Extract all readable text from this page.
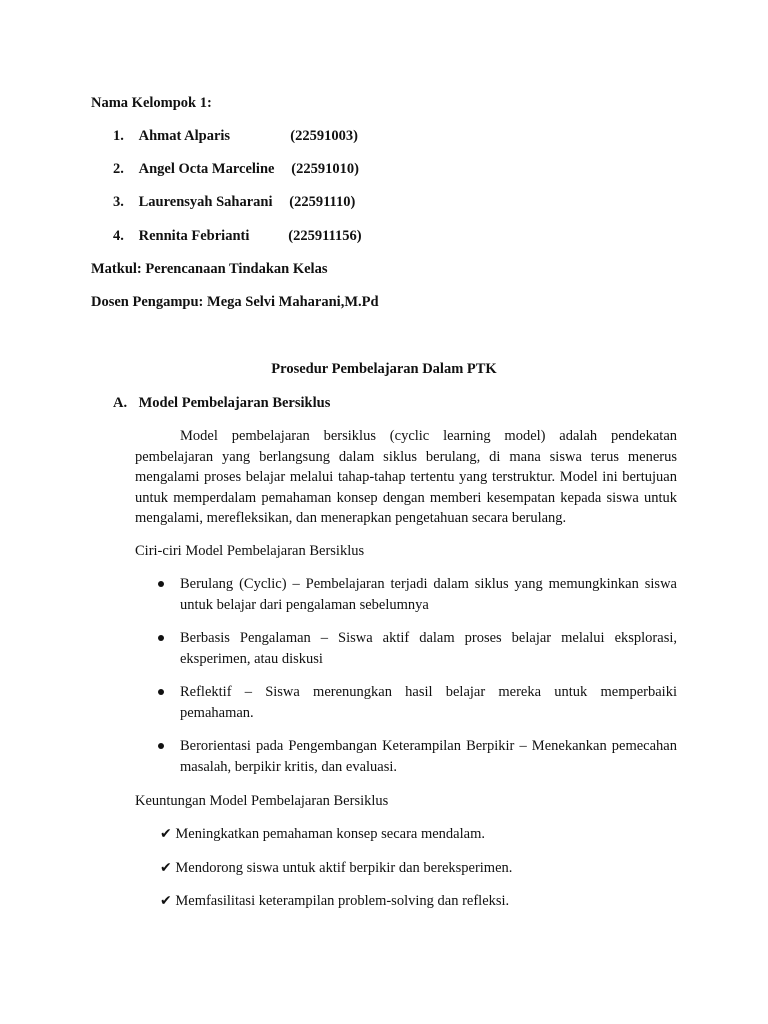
Nama Kelompok 1:
1. Ahmat Alparis	(22591003)
2. Angel Octa Marceline (22591010)
3. Laurensyah Saharani (22591110)
4. Rennita Febrianti	(225911156)
Matkul: Perencanaan Tindakan Kelas
Dosen Pengampu: Mega Selvi Maharani,M.Pd
Prosedur Pembelajaran Dalam PTK
A. Model Pembelajaran Bersiklus
Model pembelajaran bersiklus (cyclic learning model) adalah pendekatan pembelajaran yang berlangsung dalam siklus berulang, di mana siswa terus menerus mengalami proses belajar melalui tahap-tahap tertentu yang terstruktur. Model ini bertujuan untuk memperdalam pemahaman konsep dengan memberi kesempatan kepada siswa untuk mengalami, merefleksikan, dan menerapkan pengetahuan secara berulang.
Ciri-ciri Model Pembelajaran Bersiklus
Berulang (Cyclic) – Pembelajaran terjadi dalam siklus yang memungkinkan siswa untuk belajar dari pengalaman sebelumnya
Berbasis Pengalaman – Siswa aktif dalam proses belajar melalui eksplorasi, eksperimen, atau diskusi
Reflektif – Siswa merenungkan hasil belajar mereka untuk memperbaiki pemahaman.
Berorientasi pada Pengembangan Keterampilan Berpikir – Menekankan pemecahan masalah, berpikir kritis, dan evaluasi.
Keuntungan Model Pembelajaran Bersiklus
✔ Meningkatkan pemahaman konsep secara mendalam.
✔ Mendorong siswa untuk aktif berpikir dan bereksperimen.
✔ Memfasilitasi keterampilan problem-solving dan refleksi.
